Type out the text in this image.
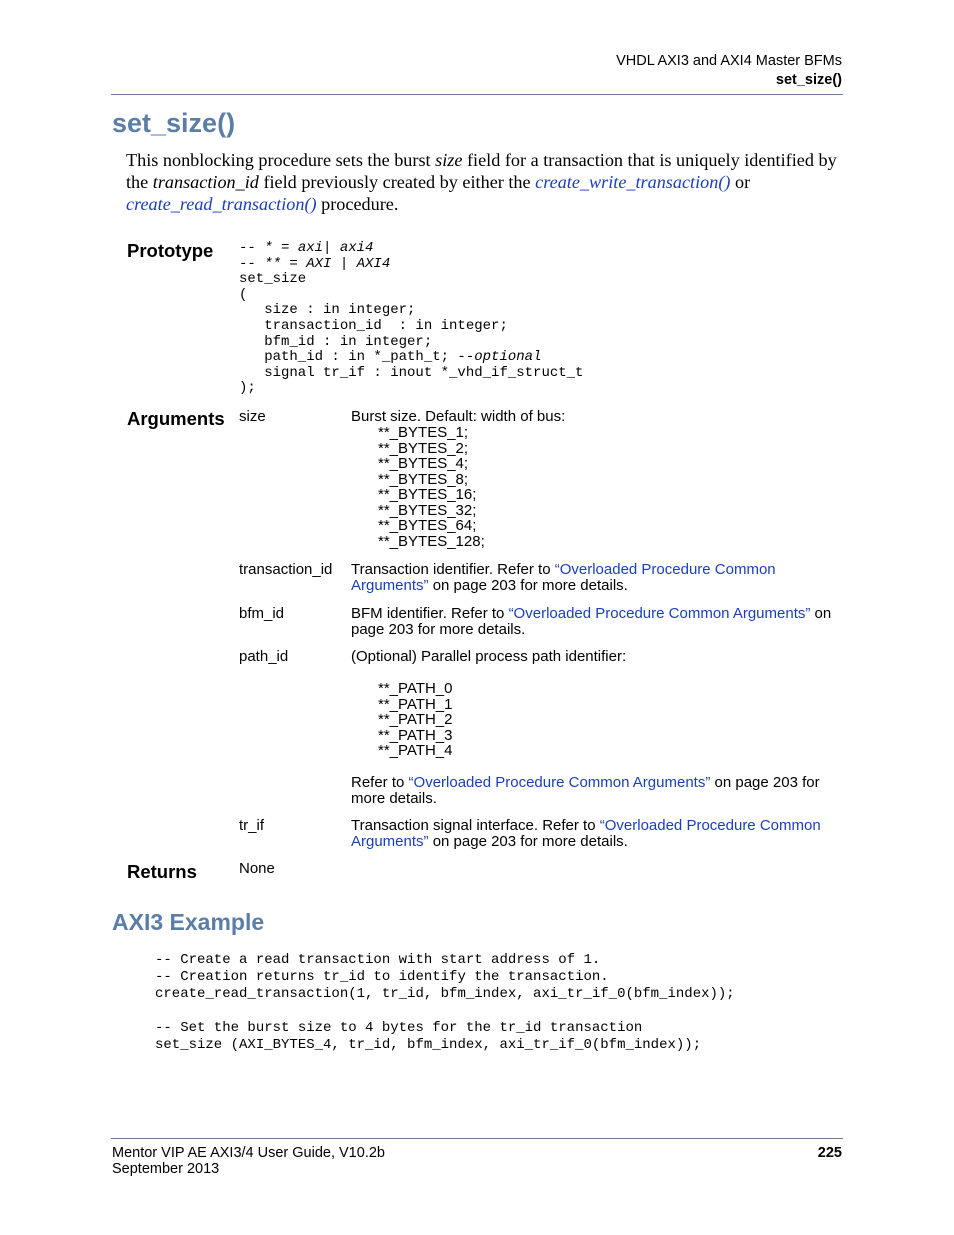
VHDL AXI3 and AXI4 Master BFMs
set_size()
set_size()

This nonblocking procedure sets the burst size field for a transaction that is uniquely identified by the transaction_id field previously created by either the create_write_transaction() or create_read_transaction() procedure.

Prototype -- * = axi| axi4
-- ** = AXI | AXI4
set_size
(
size : in integer;
transaction_id  : in integer;
bfm_id : in integer;
path_id : in *_path_t; --optional
signal tr_if : inout *_vhd_if_struct_t
);
Arguments size	Burst size. Default: width of bus:
**_BYTES_1;
**_BYTES_2;
**_BYTES_4;
**_BYTES_8;
**_BYTES_16;
**_BYTES_32;
**_BYTES_64;
**_BYTES_128;
transaction_id Transaction identifier. Refer to “Overloaded Procedure Common Arguments” on page 203 for more details.
bfm_id	BFM identifier. Refer to “Overloaded Procedure Common Arguments” on page 203 for more details.
path_id	(Optional) Parallel process path identifier:
**_PATH_0
**_PATH_1
**_PATH_2
**_PATH_3
**_PATH_4
Refer to “Overloaded Procedure Common Arguments” on page 203 for more details.
tr_if	Transaction signal interface. Refer to “Overloaded Procedure Common Arguments” on page 203 for more details.
Returns	None
AXI3 Example
-- Create a read transaction with start address of 1.
-- Creation returns tr_id to identify the transaction.
create_read_transaction(1, tr_id, bfm_index, axi_tr_if_0(bfm_index));

-- Set the burst size to 4 bytes for the tr_id transaction
set_size (AXI_BYTES_4, tr_id, bfm_index, axi_tr_if_0(bfm_index));
Mentor VIP AE AXI3/4 User Guide, V10.2b
September 2013
225
